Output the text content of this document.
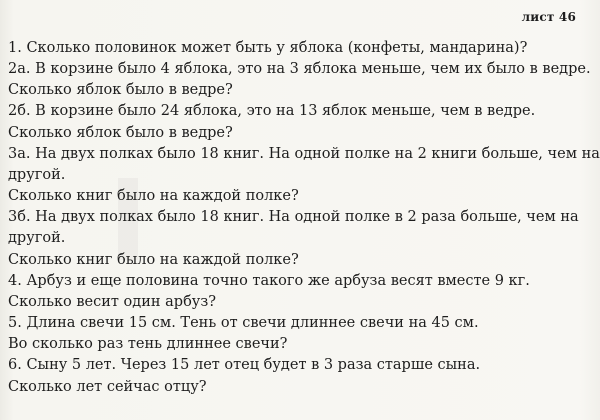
лист 46
1. Сколько половинок может быть у яблока (конфеты, мандарина)?
2а. В корзине было 4 яблока, это на 3 яблока меньше, чем их было в ведре.
Сколько яблок было в ведре?
2б. В корзине было 24 яблока, это на 13 яблок меньше, чем в ведре.
Сколько яблок было в ведре?
3а. На двух полках было 18 книг. На одной полке на 2 книги больше, чем на
другой.
Сколько книг было на каждой полке?
3б. На двух полках было 18 книг. На одной полке в 2 раза больше, чем на
другой.
Сколько книг было на каждой полке?
4. Арбуз и еще половина точно такого же арбуза весят вместе 9 кг.
Сколько весит один арбуз?
5. Длина свечи 15 см. Тень от свечи длиннее свечи на 45 см.
Во сколько раз тень длиннее свечи?
6. Сыну 5 лет. Через 15 лет отец будет в 3 раза старше сына.
Сколько лет сейчас отцу?
